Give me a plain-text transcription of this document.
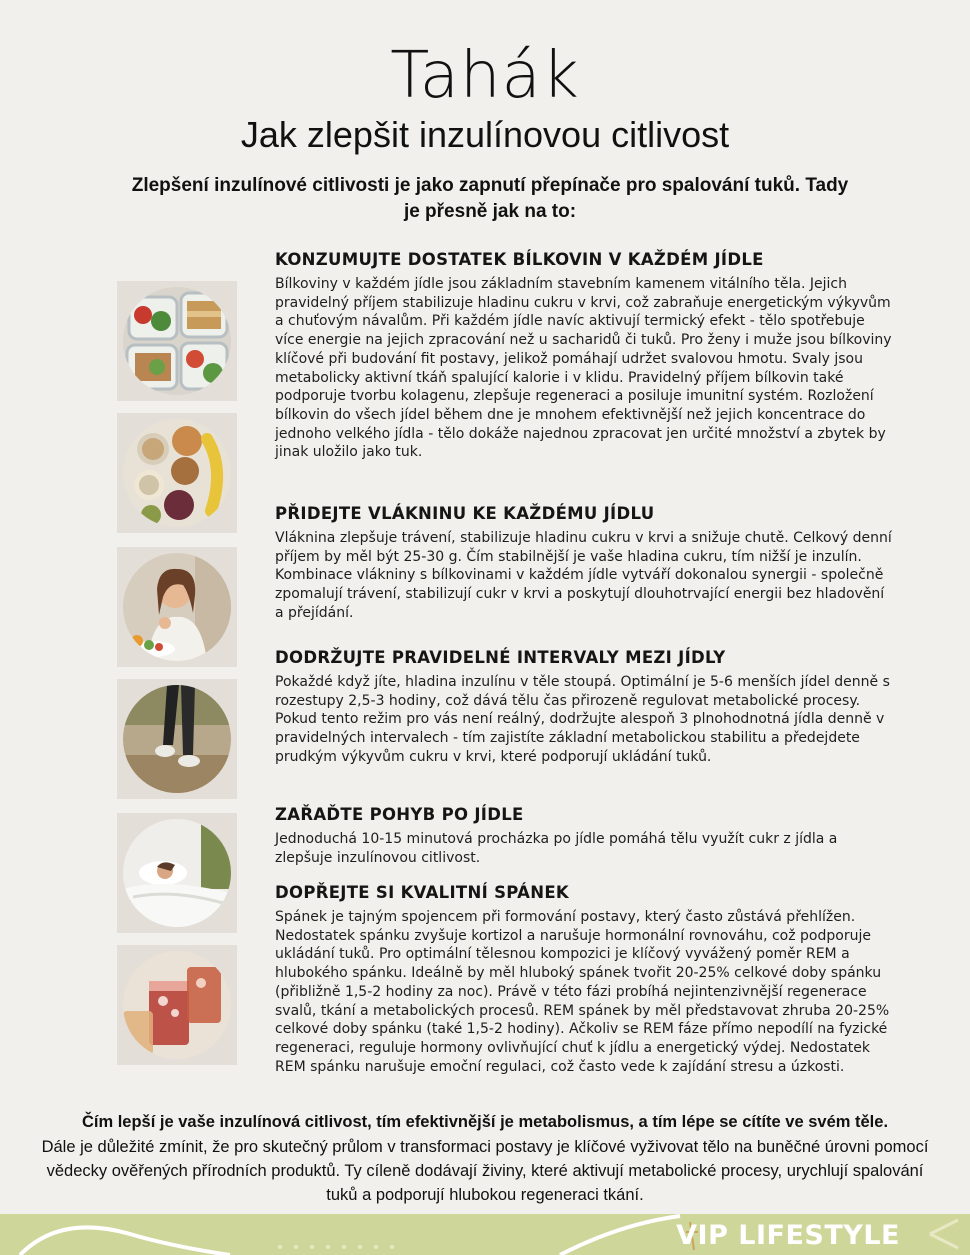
Tahák
Jak zlepšit inzulínovou citlivost
Zlepšení inzulínové citlivosti je jako zapnutí přepínače pro spalování tuků. Tady je přesně jak na to:
KONZUMUJTE DOSTATEK BÍLKOVIN V KAŽDÉM JÍDLE

Bílkoviny v každém jídle jsou základním stavebním kamenem vitálního těla. Jejich pravidelný příjem stabilizuje hladinu cukru v krvi, což zabraňuje energetickým výkyvům a chuťovým návalům. Při každém jídle navíc aktivují termický efekt - tělo spotřebuje více energie na jejich zpracování než u sacharidů či tuků. Pro ženy i muže jsou bílkoviny klíčové při budování fit postavy, jelikož pomáhají udržet svalovou hmotu. Svaly jsou metabolicky aktivní tkáň spalující kalorie i v klidu. Pravidelný příjem bílkovin také podporuje tvorbu kolagenu, zlepšuje regeneraci a posiluje imunitní systém. Rozložení bílkovin do všech jídel během dne je mnohem efektivnější než jejich koncentrace do jednoho velkého jídla - tělo dokáže najednou zpracovat jen určité množství a zbytek by jinak uložilo jako tuk.

PŘIDEJTE VLÁKNINU KE KAŽDÉMU JÍDLU

Vláknina zlepšuje trávení, stabilizuje hladinu cukru v krvi a snižuje chutě. Celkový denní příjem by měl být 25-30 g. Čím stabilnější je vaše hladina cukru, tím nižší je inzulín. Kombinace vlákniny s bílkovinami v každém jídle vytváří dokonalou synergii - společně zpomalují trávení, stabilizují cukr v krvi a poskytují dlouhotrvající energii bez hladovění a přejídání.

DODRŽUJTE PRAVIDELNÉ INTERVALY MEZI JÍDLY

Pokaždé když jíte, hladina inzulínu v těle stoupá. Optimální je 5-6 menších jídel denně s rozestupy 2,5-3 hodiny, což dává tělu čas přirozeně regulovat metabolické procesy. Pokud tento režim pro vás není reálný, dodržujte alespoň 3 plnohodnotná jídla denně v pravidelných intervalech - tím zajistíte základní metabolickou stabilitu a předejdete prudkým výkyvům cukru v krvi, které podporují ukládání tuků.

ZAŘAĎTE POHYB PO JÍDLE

Jednoduchá 10-15 minutová procházka po jídle pomáhá tělu využít cukr z jídla a zlepšuje inzulínovou citlivost.

DOPŘEJTE SI KVALITNÍ SPÁNEK

Spánek je tajným spojencem při formování postavy, který často zůstává přehlížen. Nedostatek spánku zvyšuje kortizol a narušuje hormonální rovnováhu, což podporuje ukládání tuků. Pro optimální tělesnou kompozici je klíčový vyvážený poměr REM a hlubokého spánku. Ideálně by měl hluboký spánek tvořit 20-25% celkové doby spánku (přibližně 1,5-2 hodiny za noc). Právě v této fázi probíhá nejintenzivnější regenerace svalů, tkání a metabolických procesů. REM spánek by měl představovat zhruba 20-25% celkové doby spánku (také 1,5-2 hodiny). Ačkoliv se REM fáze přímo nepodílí na fyzické regeneraci, reguluje hormony ovlivňující chuť k jídlu a energetický výdej. Nedostatek REM spánku narušuje emoční regulaci, což často vede k zajídání stresu a úzkosti.

Čím lepší je vaše inzulínová citlivost, tím efektivnější je metabolismus, a tím lépe se cítíte ve svém těle.
Dále je důležité zmínit, že pro skutečný průlom v transformaci postavy je klíčové vyživovat tělo na buněčné úrovni pomocí vědecky ověřených přírodních produktů. Ty cíleně dodávají živiny, které aktivují metabolické procesy, urychlují spalování tuků a podporují hlubokou regeneraci tkání.
VIP LIFESTYLE
